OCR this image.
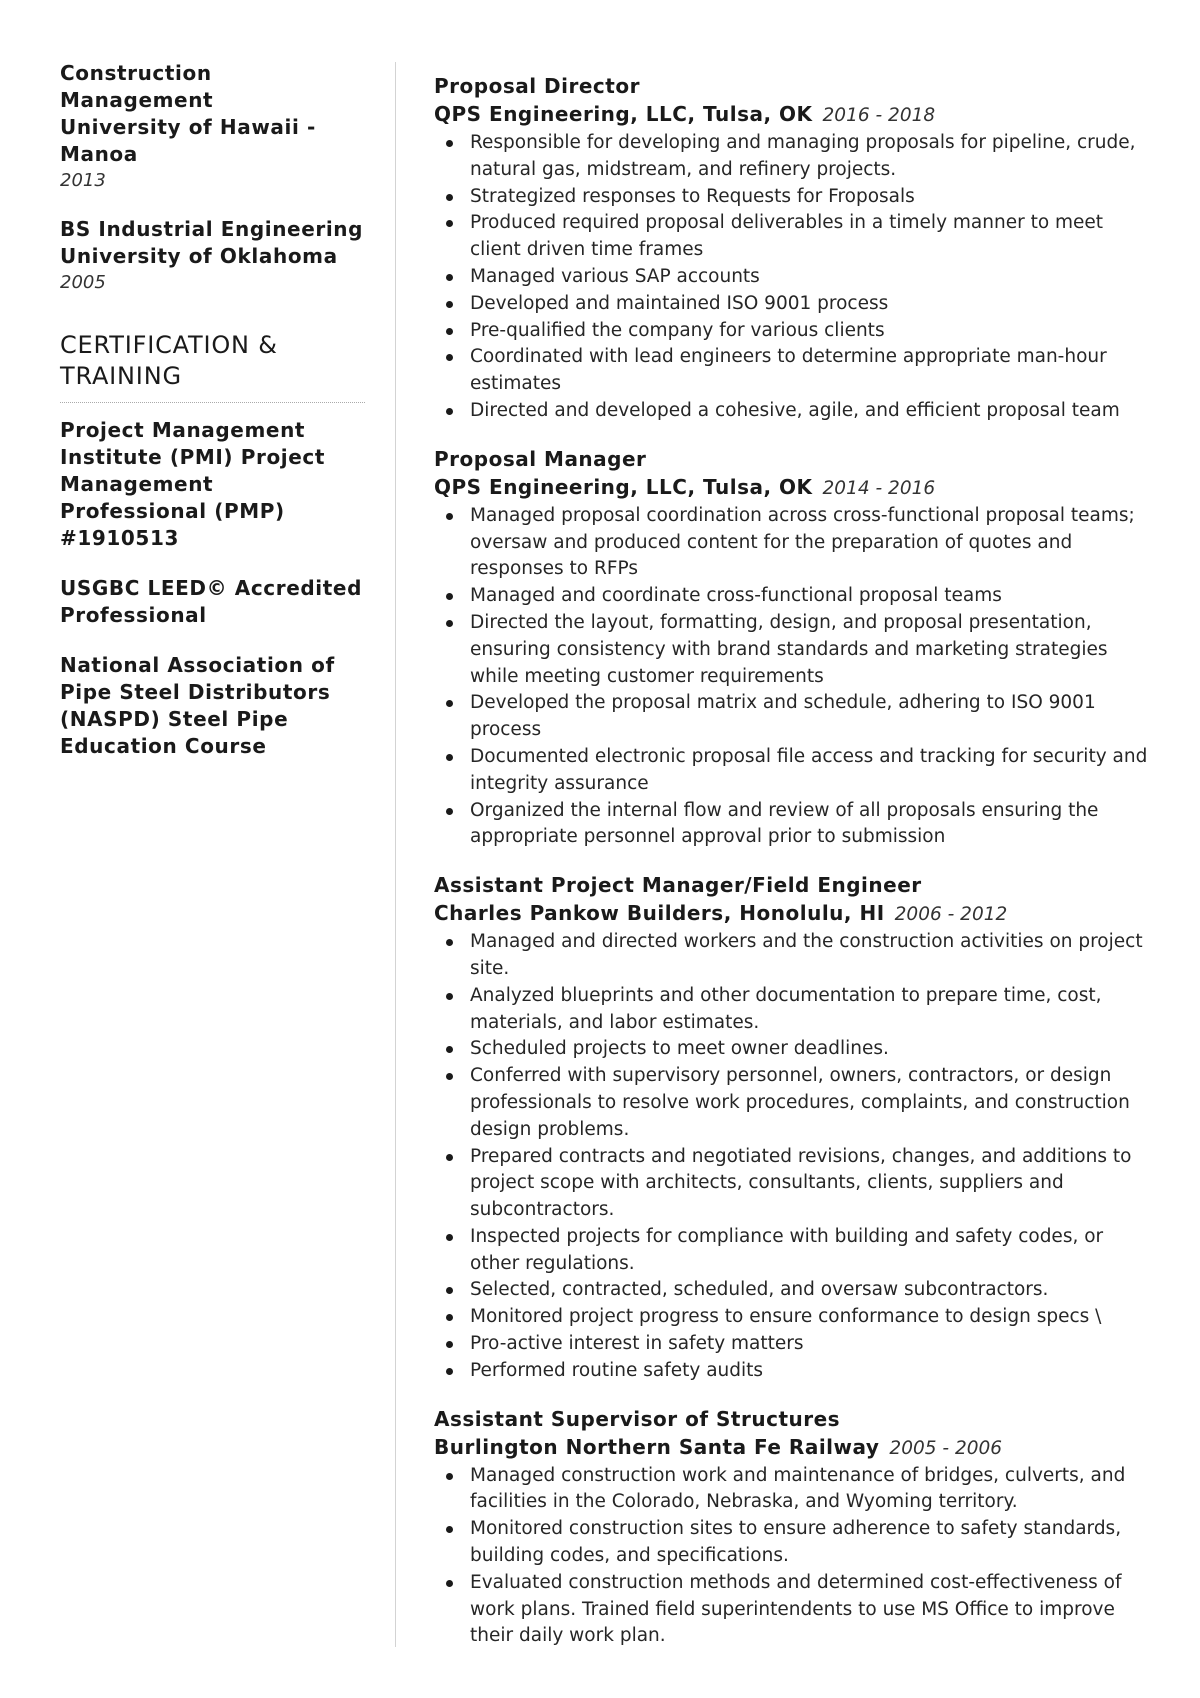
Construction Management
University of Hawaii - Manoa
2013
BS Industrial Engineering
University of Oklahoma
2005
CERTIFICATION & TRAINING
Project Management Institute (PMI) Project Management Professional (PMP) #1910513
USGBC LEED© Accredited Professional
National Association of Pipe Steel Distributors (NASPD) Steel Pipe Education Course
Proposal Director
QPS Engineering, LLC, Tulsa, OK 2016 - 2018
Responsible for developing and managing proposals for pipeline, crude, natural gas, midstream, and refinery projects.
Strategized responses to Requests for Froposals
Produced required proposal deliverables in a timely manner to meet client driven time frames
Managed various SAP accounts
Developed and maintained ISO 9001 process
Pre-qualified the company for various clients
Coordinated with lead engineers to determine appropriate man-hour estimates
Directed and developed a cohesive, agile, and efficient proposal team
Proposal Manager
QPS Engineering, LLC, Tulsa, OK 2014 - 2016
Managed proposal coordination across cross-functional proposal teams; oversaw and produced content for the preparation of quotes and responses to RFPs
Managed and coordinate cross-functional proposal teams
Directed the layout, formatting, design, and proposal presentation, ensuring consistency with brand standards and marketing strategies while meeting customer requirements
Developed the proposal matrix and schedule, adhering to ISO 9001 process
Documented electronic proposal file access and tracking for security and integrity assurance
Organized the internal flow and review of all proposals ensuring the appropriate personnel approval prior to submission
Assistant Project Manager/Field Engineer
Charles Pankow Builders, Honolulu, HI 2006 - 2012
Managed and directed workers and the construction activities on project site.
Analyzed blueprints and other documentation to prepare time, cost, materials, and labor estimates.
Scheduled projects to meet owner deadlines.
Conferred with supervisory personnel, owners, contractors, or design professionals to resolve work procedures, complaints, and construction design problems.
Prepared contracts and negotiated revisions, changes, and additions to project scope with architects, consultants, clients, suppliers and subcontractors.
Inspected projects for compliance with building and safety codes, or other regulations.
Selected, contracted, scheduled, and oversaw subcontractors.
Monitored project progress to ensure conformance to design specs \
Pro-active interest in safety matters
Performed routine safety audits
Assistant Supervisor of Structures
Burlington Northern Santa Fe Railway 2005 - 2006
Managed construction work and maintenance of bridges, culverts, and facilities in the Colorado, Nebraska, and Wyoming territory.
Monitored construction sites to ensure adherence to safety standards, building codes, and specifications.
Evaluated construction methods and determined cost-effectiveness of work plans. Trained field superintendents to use MS Office to improve their daily work plan.
